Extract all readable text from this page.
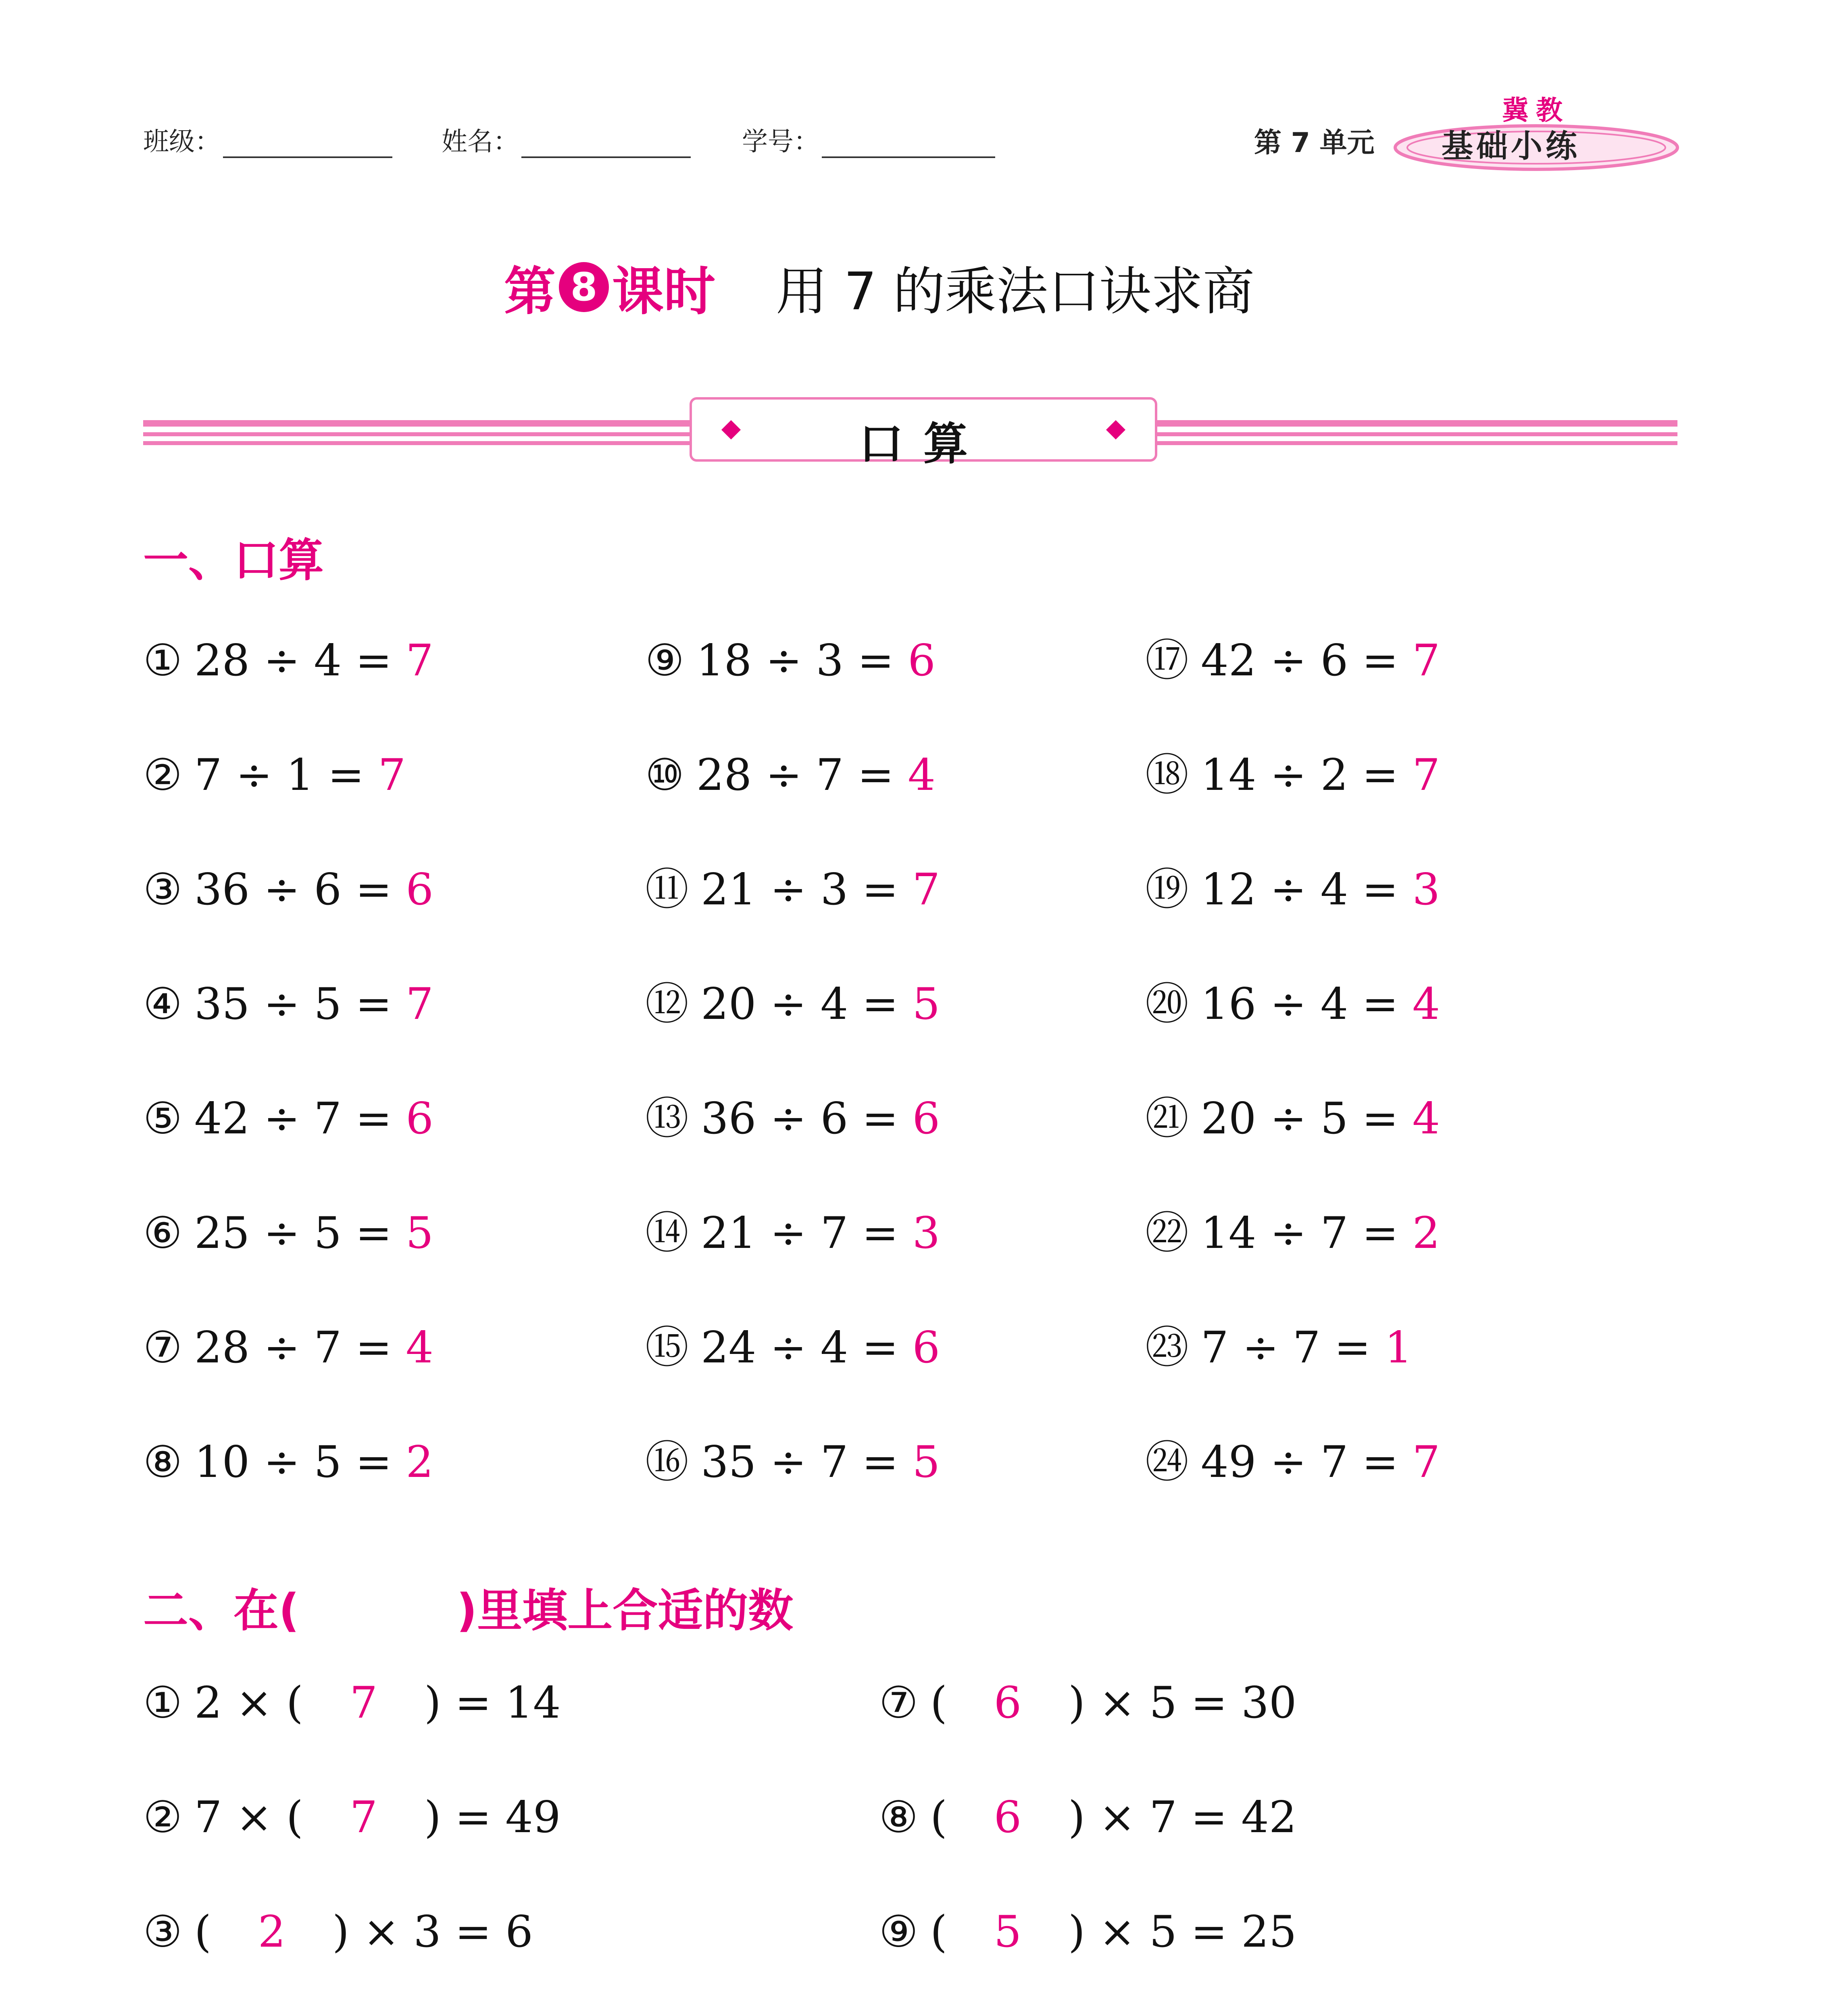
班级：	姓名：	学号：	第 7 单元
冀教
基础小练
第 8 课时 用 7 的乘法口诀求商
口算
一、口算
① 28 ÷ 4 = 7
② 7 ÷ 1 = 7
③ 36 ÷ 6 = 6
④ 35 ÷ 5 = 7
⑤ 42 ÷ 7 = 6
⑥ 25 ÷ 5 = 5
⑦ 28 ÷ 7 = 4
⑧ 10 ÷ 5 = 2
⑨ 18 ÷ 3 = 6
⑩ 28 ÷ 7 = 4
⑪ 21 ÷ 3 = 7
⑫ 20 ÷ 4 = 5
⑬ 36 ÷ 6 = 6
⑭ 21 ÷ 7 = 3
⑮ 24 ÷ 4 = 6
⑯ 35 ÷ 7 = 5
⑰ 42 ÷ 6 = 7
⑱ 14 ÷ 2 = 7
⑲ 12 ÷ 4 = 3
⑳ 16 ÷ 4 = 4
㉑ 20 ÷ 5 = 4
㉒ 14 ÷ 7 = 2
㉓ 7 ÷ 7 = 1
㉔ 49 ÷ 7 = 7
二、在(          )里填上合适的数
① 2 × ( 7 ) = 14
② 7 × ( 7 ) = 49
③ ( 2 ) × 3 = 6
⑦ ( 6 ) × 5 = 30
⑧ ( 6 ) × 7 = 42
⑨ ( 5 ) × 5 = 25
